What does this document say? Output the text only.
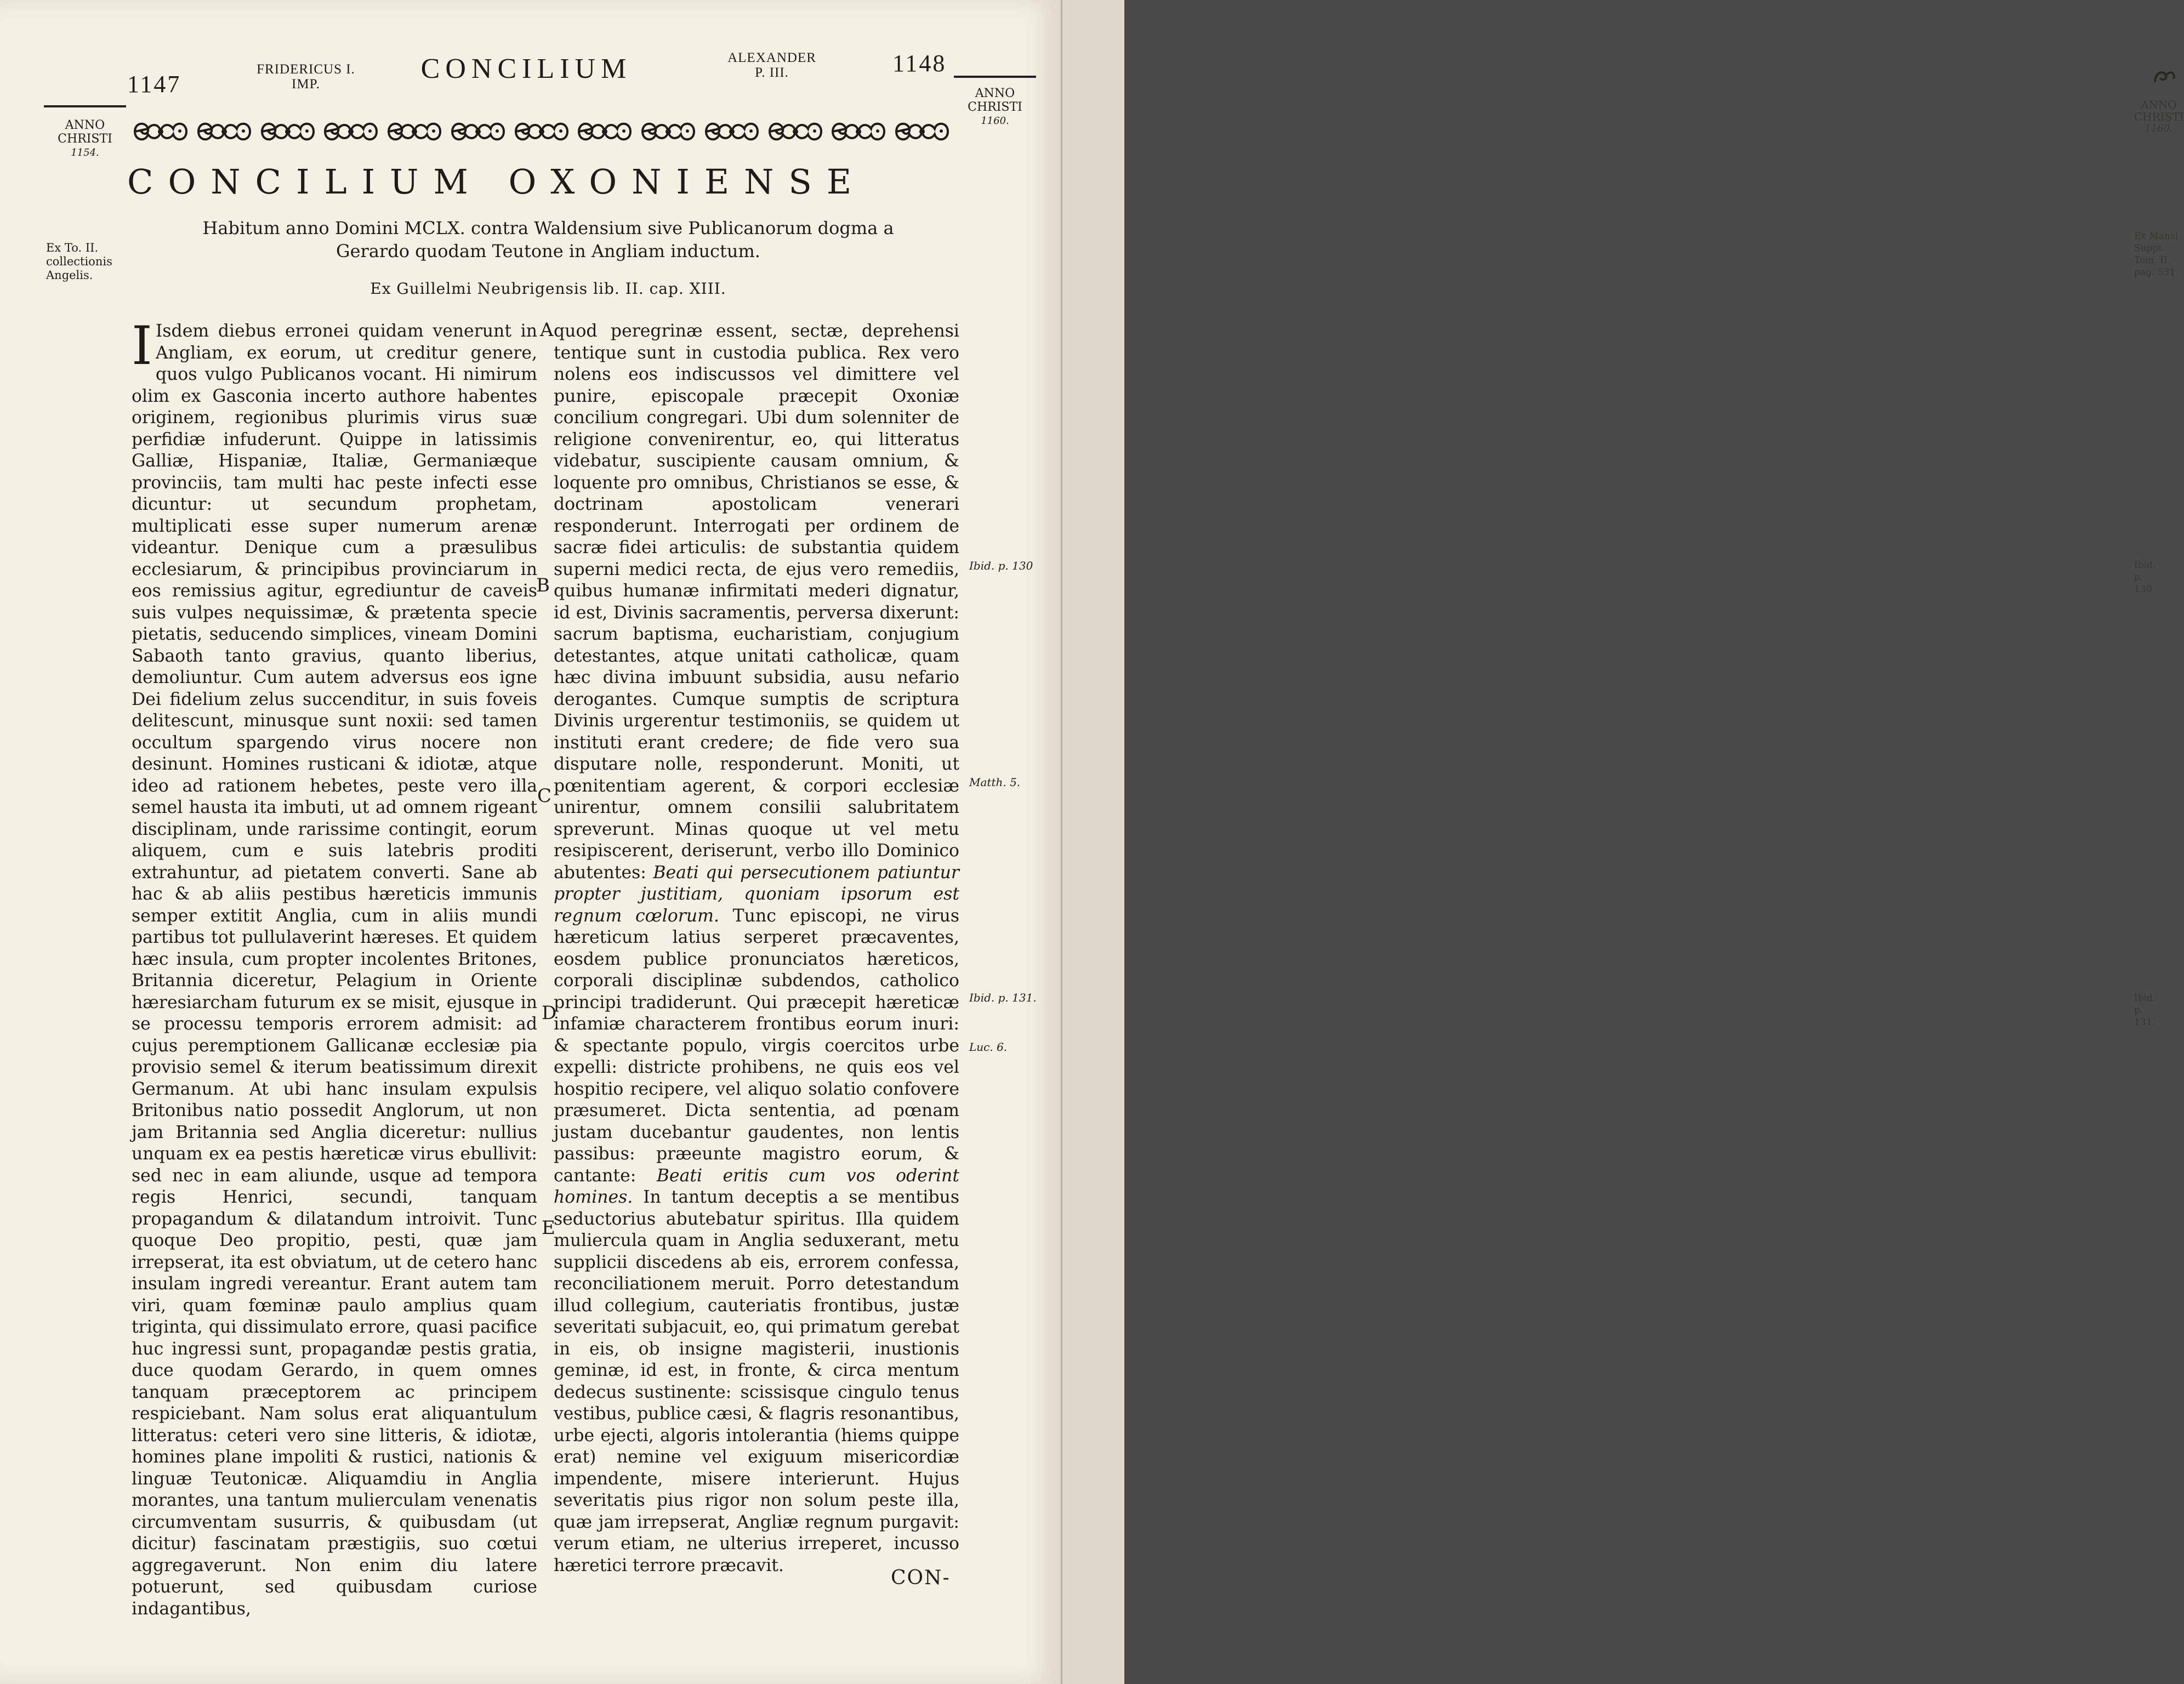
1147
FRIDERICUS I.
IMP.	CONCILIUM	ALEXANDER
P. III.	1148
ANNO
CHRISTI
1154.
ANNO
CHRISTI
1160.
CONCILIUM OXONIENSE
Habitum anno Domini MCLX. contra Waldensium sive Publicanorum dogma a Gerardo quodam Teutone in Angliam inductum.
Ex Guillelmi Neubrigensis lib. II. cap. XIII.
Ex To. II.
collectionis
Angelis.
A
B
C
D
E

I Isdem diebus erronei quidam venerunt in Angliam, ex eorum, ut creditur genere, quos vulgo Publicanos vocant. Hi nimirum olim ex Gasconia incerto authore habentes originem, regionibus plurimis virus suæ perfidiæ infuderunt. Quippe in latissimis Galliæ, Hispaniæ, Italiæ, Germaniæque provinciis, tam multi hac peste infecti esse dicuntur: ut secundum prophetam, multiplicati esse super numerum arenæ videantur. Denique cum a præsulibus ecclesiarum, & principibus provinciarum in eos remissius agitur, egrediuntur de caveis suis vulpes nequissimæ, & prætenta specie pietatis, seducendo simplices, vineam Domini Sabaoth tanto gravius, quanto liberius, demoliuntur. Cum autem adversus eos igne Dei fidelium zelus succenditur, in suis foveis delitescunt, minusque sunt noxii: sed tamen occultum spargendo virus nocere non desinunt. Homines rusticani & idiotæ, atque ideo ad rationem hebetes, peste vero illa semel hausta ita imbuti, ut ad omnem rigeant disciplinam, unde rarissime contingit, eorum aliquem, cum e suis latebris proditi extrahuntur, ad pietatem converti. Sane ab hac & ab aliis pestibus hæreticis immunis semper extitit Anglia, cum in aliis mundi partibus tot pullulaverint hæreses. Et quidem hæc insula, cum propter incolentes Britones, Britannia diceretur, Pelagium in Oriente hæresiarcham futurum ex se misit, ejusque in se processu temporis errorem admisit: ad cujus peremptionem Gallicanæ ecclesiæ pia provisio semel & iterum beatissimum direxit Germanum. At ubi hanc insulam expulsis Britonibus natio possedit Anglorum, ut non jam Britannia sed Anglia diceretur: nullius unquam ex ea pestis hæreticæ virus ebullivit: sed nec in eam aliunde, usque ad tempora regis Henrici, secundi, tanquam propagandum & dilatandum introivit. Tunc quoque Deo propitio, pesti, quæ jam irrepserat, ita est obviatum, ut de cetero hanc insulam ingredi vereantur. Erant autem tam viri, quam fœminæ paulo amplius quam triginta, qui dissimulato errore, quasi pacifice huc ingressi sunt, propagandæ pestis gratia, duce quodam Gerardo, in quem omnes tanquam præceptorem ac principem respiciebant. Nam solus erat aliquantulum litteratus: ceteri vero sine litteris, & idiotæ, homines plane impoliti & rustici, nationis & linguæ Teutonicæ. Aliquamdiu in Anglia morantes, una tantum mulierculam venenatis circumventam susurris, & quibusdam (ut dicitur) fascinatam præstigiis, suo cœtui aggregaverunt. Non enim diu latere potuerunt, sed quibusdam curiose indagantibus,

quod peregrinæ essent, sectæ, deprehensi tentique sunt in custodia publica. Rex vero nolens eos indiscussos vel dimittere vel punire, episcopale præcepit Oxoniæ concilium congregari. Ubi dum solenniter de religione convenirentur, eo, qui litteratus videbatur, suscipiente causam omnium, & loquente pro omnibus, Christianos se esse, & doctrinam apostolicam venerari responderunt. Interrogati per ordinem de sacræ fidei articulis: de substantia quidem superni medici recta, de ejus vero remediis, quibus humanæ infirmitati mederi dignatur, id est, Divinis sacramentis, perversa dixerunt: sacrum baptisma, eucharistiam, conjugium detestantes, atque unitati catholicæ, quam hæc divina imbuunt subsidia, ausu nefario derogantes. Cumque sumptis de scriptura Divinis urgerentur testimoniis, se quidem ut instituti erant credere; de fide vero sua disputare nolle, responderunt. Moniti, ut pœnitentiam agerent, & corpori ecclesiæ unirentur, omnem consilii salubritatem spreverunt. Minas quoque ut vel metu resipiscerent, deriserunt, verbo illo Dominico abutentes: Beati qui persecutionem patiuntur propter justitiam, quoniam ipsorum est regnum cœlorum. Tunc episcopi, ne virus hæreticum latius serperet præcaventes, eosdem publice pronunciatos hæreticos, corporali disciplinæ subdendos, catholico principi tradiderunt. Qui præcepit hæreticæ infamiæ characterem frontibus eorum inuri: & spectante populo, virgis coercitos urbe expelli: districte prohibens, ne quis eos vel hospitio recipere, vel aliquo solatio confovere præsumeret. Dicta sententia, ad pœnam justam ducebantur gaudentes, non lentis passibus: præeunte magistro eorum, & cantante: Beati eritis cum vos oderint homines. In tantum deceptis a se mentibus seductorius abutebatur spiritus. Illa quidem muliercula quam in Anglia seduxerant, metu supplicii discedens ab eis, errorem confessa, reconciliationem meruit. Porro detestandum illud collegium, cauteriatis frontibus, justæ severitati subjacuit, eo, qui primatum gerebat in eis, ob insigne magisterii, inustionis geminæ, id est, in fronte, & circa mentum dedecus sustinente: scissisque cingulo tenus vestibus, publice cæsi, & flagris resonantibus, urbe ejecti, algoris intolerantia (hiems quippe erat) nemine vel exiguum misericordiæ impendente, misere interierunt. Hujus severitatis pius rigor non solum peste illa, quæ jam irrepserat, Angliæ regnum purgavit: verum etiam, ne ulterius irreperet, incusso hæretici terrore præcavit.

Ibid. p. 130
Matth. 5.
Ibid. p. 131.
Luc. 6.
CON-
ANNO
CHRISTI
1160.
Ex Mansi Suppl. Tom. II. pag. 531.
Ibid. p. 130
Ibid. p. 131.
